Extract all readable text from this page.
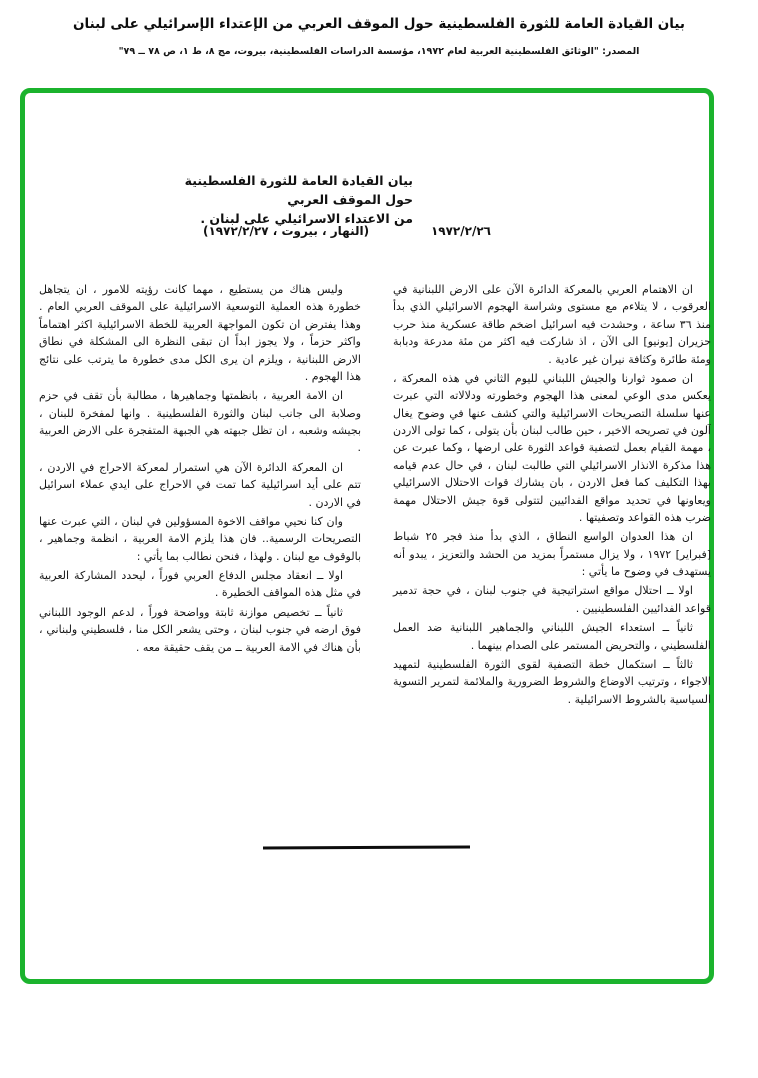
بيان القيادة العامة للثورة الفلسطينية حول الموقف العربي من الإعتداء الإسرائيلي على لبنان
المصدر: "الوثائق الفلسطينية العربية لعام ١٩٧٢، مؤسسة الدراسات الفلسطينية، بيروت، مج ٨، ط ١، ص ٧٨ ــ ٧٩"
بيان القيادة العامة للثورة الفلسطينية حول الموقف العربي
من الاعتداء الاسرائيلي على لبنان .
١٩٧٢/٢/٢٦
(النهار ، بيروت ، ١٩٧٢/٢/٢٧)

ان الاهتمام العربي بالمعركة الدائرة الآن على الارض اللبنانية في العرقوب ، لا يتلاءم مع مستوى وشراسة الهجوم الاسرائيلي الذي بدأ منذ ٣٦ ساعة ، وحشدت فيه اسرائيل اضخم طاقة عسكرية منذ حرب حزيران [يونيو] الى الآن ، اذ شاركت فيه اكثر من مئة مدرعة ودبابة ومئة طائرة وكثافة نيران غير عادية .

ان صمود ثوارنا والجيش اللبناني لليوم الثاني في هذه المعركة ، يعكس مدى الوعي لمعنى هذا الهجوم وخطورته ودلالاته التي عبرت عنها سلسلة التصريحات الاسرائيلية والتي كشف عنها في وضوح يغال آلون في تصريحه الاخير ، حين طالب لبنان بأن يتولى ، كما تولى الاردن ، مهمة القيام بعمل لتصفية قواعد الثورة على ارضها ، وكما عبرت عن هذا مذكرة الانذار الاسرائيلي التي طالبت لبنان ، في حال عدم قيامه بهذا التكليف كما فعل الاردن ، بان يشارك قوات الاحتلال الاسرائيلي ويعاونها في تحديد مواقع الفدائيين لتتولى قوة جيش الاحتلال مهمة ضرب هذه القواعد وتصفيتها .

ان هذا العدوان الواسع النطاق ، الذي بدأ منذ فجر ٢٥ شباط [فبراير] ١٩٧٢ ، ولا يزال مستمراً بمزيد من الحشد والتعزيز ، يبدو أنه يستهدف في وضوح ما يأتي :

اولا ــ احتلال مواقع استراتيجية في جنوب لبنان ، في حجة تدمير قواعد الفدائيين الفلسطينيين .

ثانياً ــ استعداء الجيش اللبناني والجماهير اللبنانية ضد العمل الفلسطيني ، والتحريض المستمر على الصدام بينهما .

ثالثاً ــ استكمال خطة التصفية لقوى الثورة الفلسطينية لتمهيد الاجواء ، وترتيب الاوضاع والشروط الضرورية والملائمة لتمرير التسوية السياسية بالشروط الاسرائيلية .

وليس هناك من يستطيع ، مهما كانت رؤيته للامور ، ان يتجاهل خطورة هذه العملية التوسعية الاسرائيلية على الموقف العربي العام . وهذا يفترض ان تكون المواجهة العربية للخطة الاسرائيلية اكثر اهتماماً واكثر حزماً ، ولا يجوز ابداً ان تبقى النظرة الى المشكلة في نطاق الارض اللبنانية ، ويلزم ان يرى الكل مدى خطورة ما يترتب على نتائج هذا الهجوم .

ان الامة العربية ، بانظمتها وجماهيرها ، مطالبة بأن تقف في حزم وصلابة الى جانب لبنان والثورة الفلسطينية . وانها لمفخرة للبنان ، بجيشه وشعبه ، ان تظل جبهته هي الجبهة المتفجرة على الارض العربية .

ان المعركة الدائرة الآن هي استمرار لمعركة الاحراج في الاردن ، تتم على أيد اسرائيلية كما تمت في الاحراج على ايدي عملاء اسرائيل في الاردن .

وان كنا نحيي مواقف الاخوة المسؤولين في لبنان ، التي عبرت عنها التصريحات الرسمية.. فان هذا يلزم الامة العربية ، انظمة وجماهير ، بالوقوف مع لبنان . ولهذا ، فنحن نطالب بما يأتي :

اولا ــ انعقاد مجلس الدفاع العربي فوراً ، ليحدد المشاركة العربية في مثل هذه المواقف الخطيرة .

ثانياً ــ تخصيص موازنة ثابتة وواضحة فوراً ، لدعم الوجود اللبناني فوق ارضه في جنوب لبنان ، وحتى يشعر الكل منا ، فلسطيني ولبناني ، بأن هناك في الامة العربية ــ من يقف حقيقة معه .
